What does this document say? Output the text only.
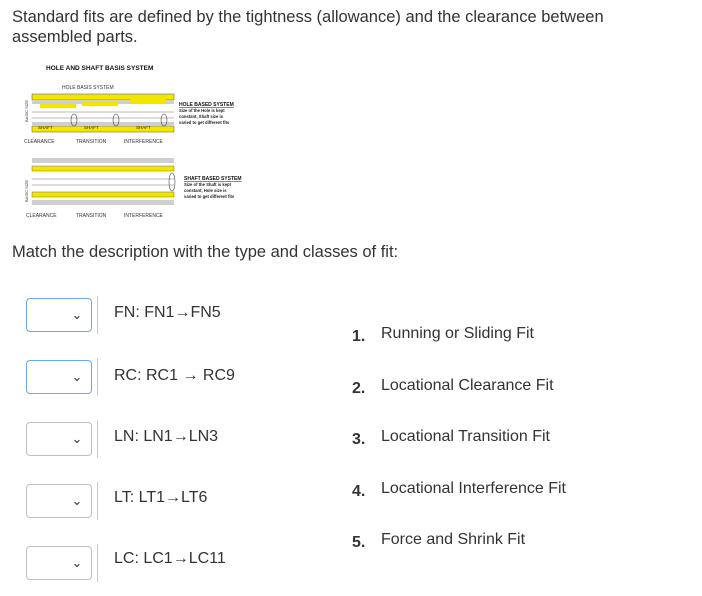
Standard fits are defined by the tightness (allowance) and the clearance between assembled parts.
HOLE AND SHAFT BASIS SYSTEM
HOLE BASIS SYSTEM
BASIC SIZE
SHAFT	SHAFT	SHAFT
CLEARANCE	TRANSITION	INTERFERENCE
HOLE BASED SYSTEM
Size of the Hole is kept
constant, Shaft size is
varied to get different fits
BASIC SIZE
CLEARANCE	TRANSITION	INTERFERENCE
SHAFT BASED SYSTEM
Size of the Shaft is kept
constant, Hole size is
varied to get different fits
Match the description with the type and classes of fit:
⌄ FN: FN1→FN5
⌄ RC: RC1 → RC9
⌄ LN: LN1→LN3
⌄ LT: LT1→LT6
⌄ LC: LC1→LC11
1. Running or Sliding Fit
2. Locational Clearance Fit
3. Locational Transition Fit
4. Locational Interference Fit
5. Force and Shrink Fit
